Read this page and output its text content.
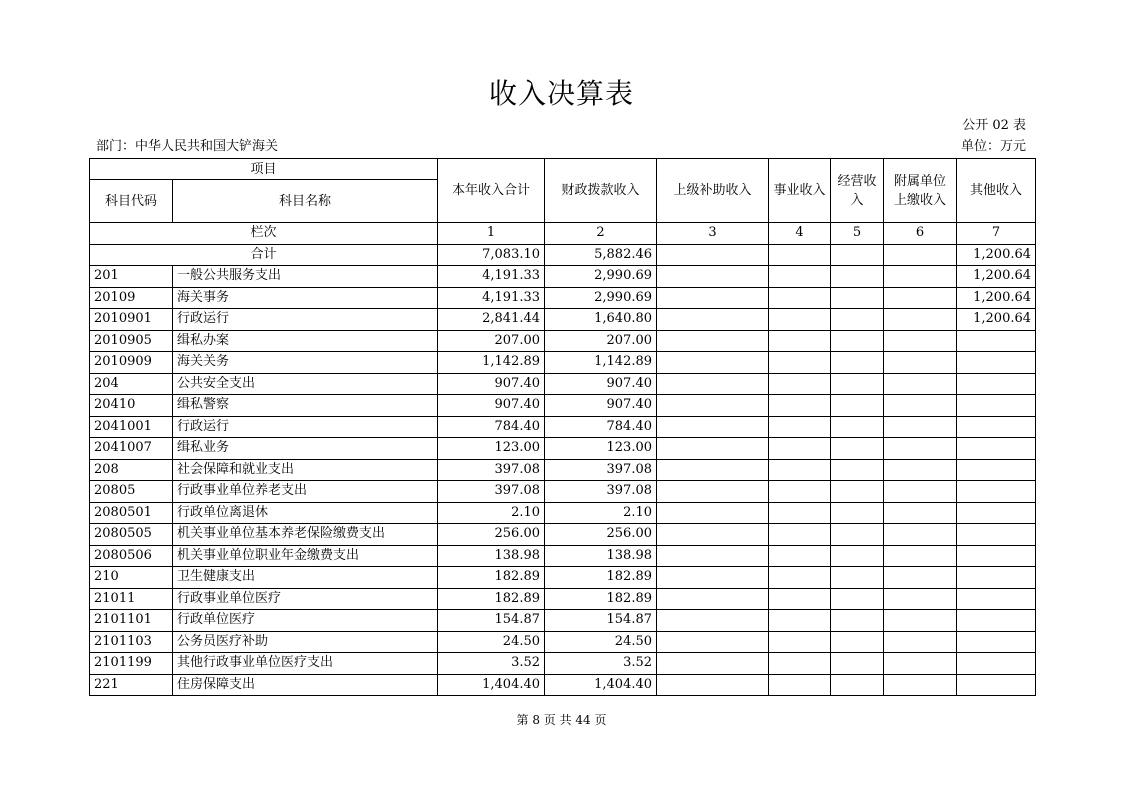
收入决算表
公开 02 表
部门：中华人民共和国大铲海关	单位：万元
项目		本年收入合计	财政拨款收入	上级补助收入	事业收入	经营收入	附属单位上缴收入	其他收入
科目代码	科目名称							
栏次		1	2	3	4	5	6	7
合计		7,083.10	5,882.46					1,200.64
201	一般公共服务支出	4,191.33	2,990.69					1,200.64
20109	海关事务	4,191.33	2,990.69					1,200.64
2010901	行政运行	2,841.44	1,640.80					1,200.64
2010905	缉私办案	207.00	207.00					
2010909	海关关务	1,142.89	1,142.89					
204	公共安全支出	907.40	907.40					
20410	缉私警察	907.40	907.40					
2041001	行政运行	784.40	784.40					
2041007	缉私业务	123.00	123.00					
208	社会保障和就业支出	397.08	397.08					
20805	行政事业单位养老支出	397.08	397.08					
2080501	行政单位离退休	2.10	2.10					
2080505	机关事业单位基本养老保险缴费支出	256.00	256.00					
2080506	机关事业单位职业年金缴费支出	138.98	138.98					
210	卫生健康支出	182.89	182.89					
21011	行政事业单位医疗	182.89	182.89					
2101101	行政单位医疗	154.87	154.87					
2101103	公务员医疗补助	24.50	24.50					
2101199	其他行政事业单位医疗支出	3.52	3.52					
221	住房保障支出	1,404.40	1,404.40					
第 8 页 共 44 页
